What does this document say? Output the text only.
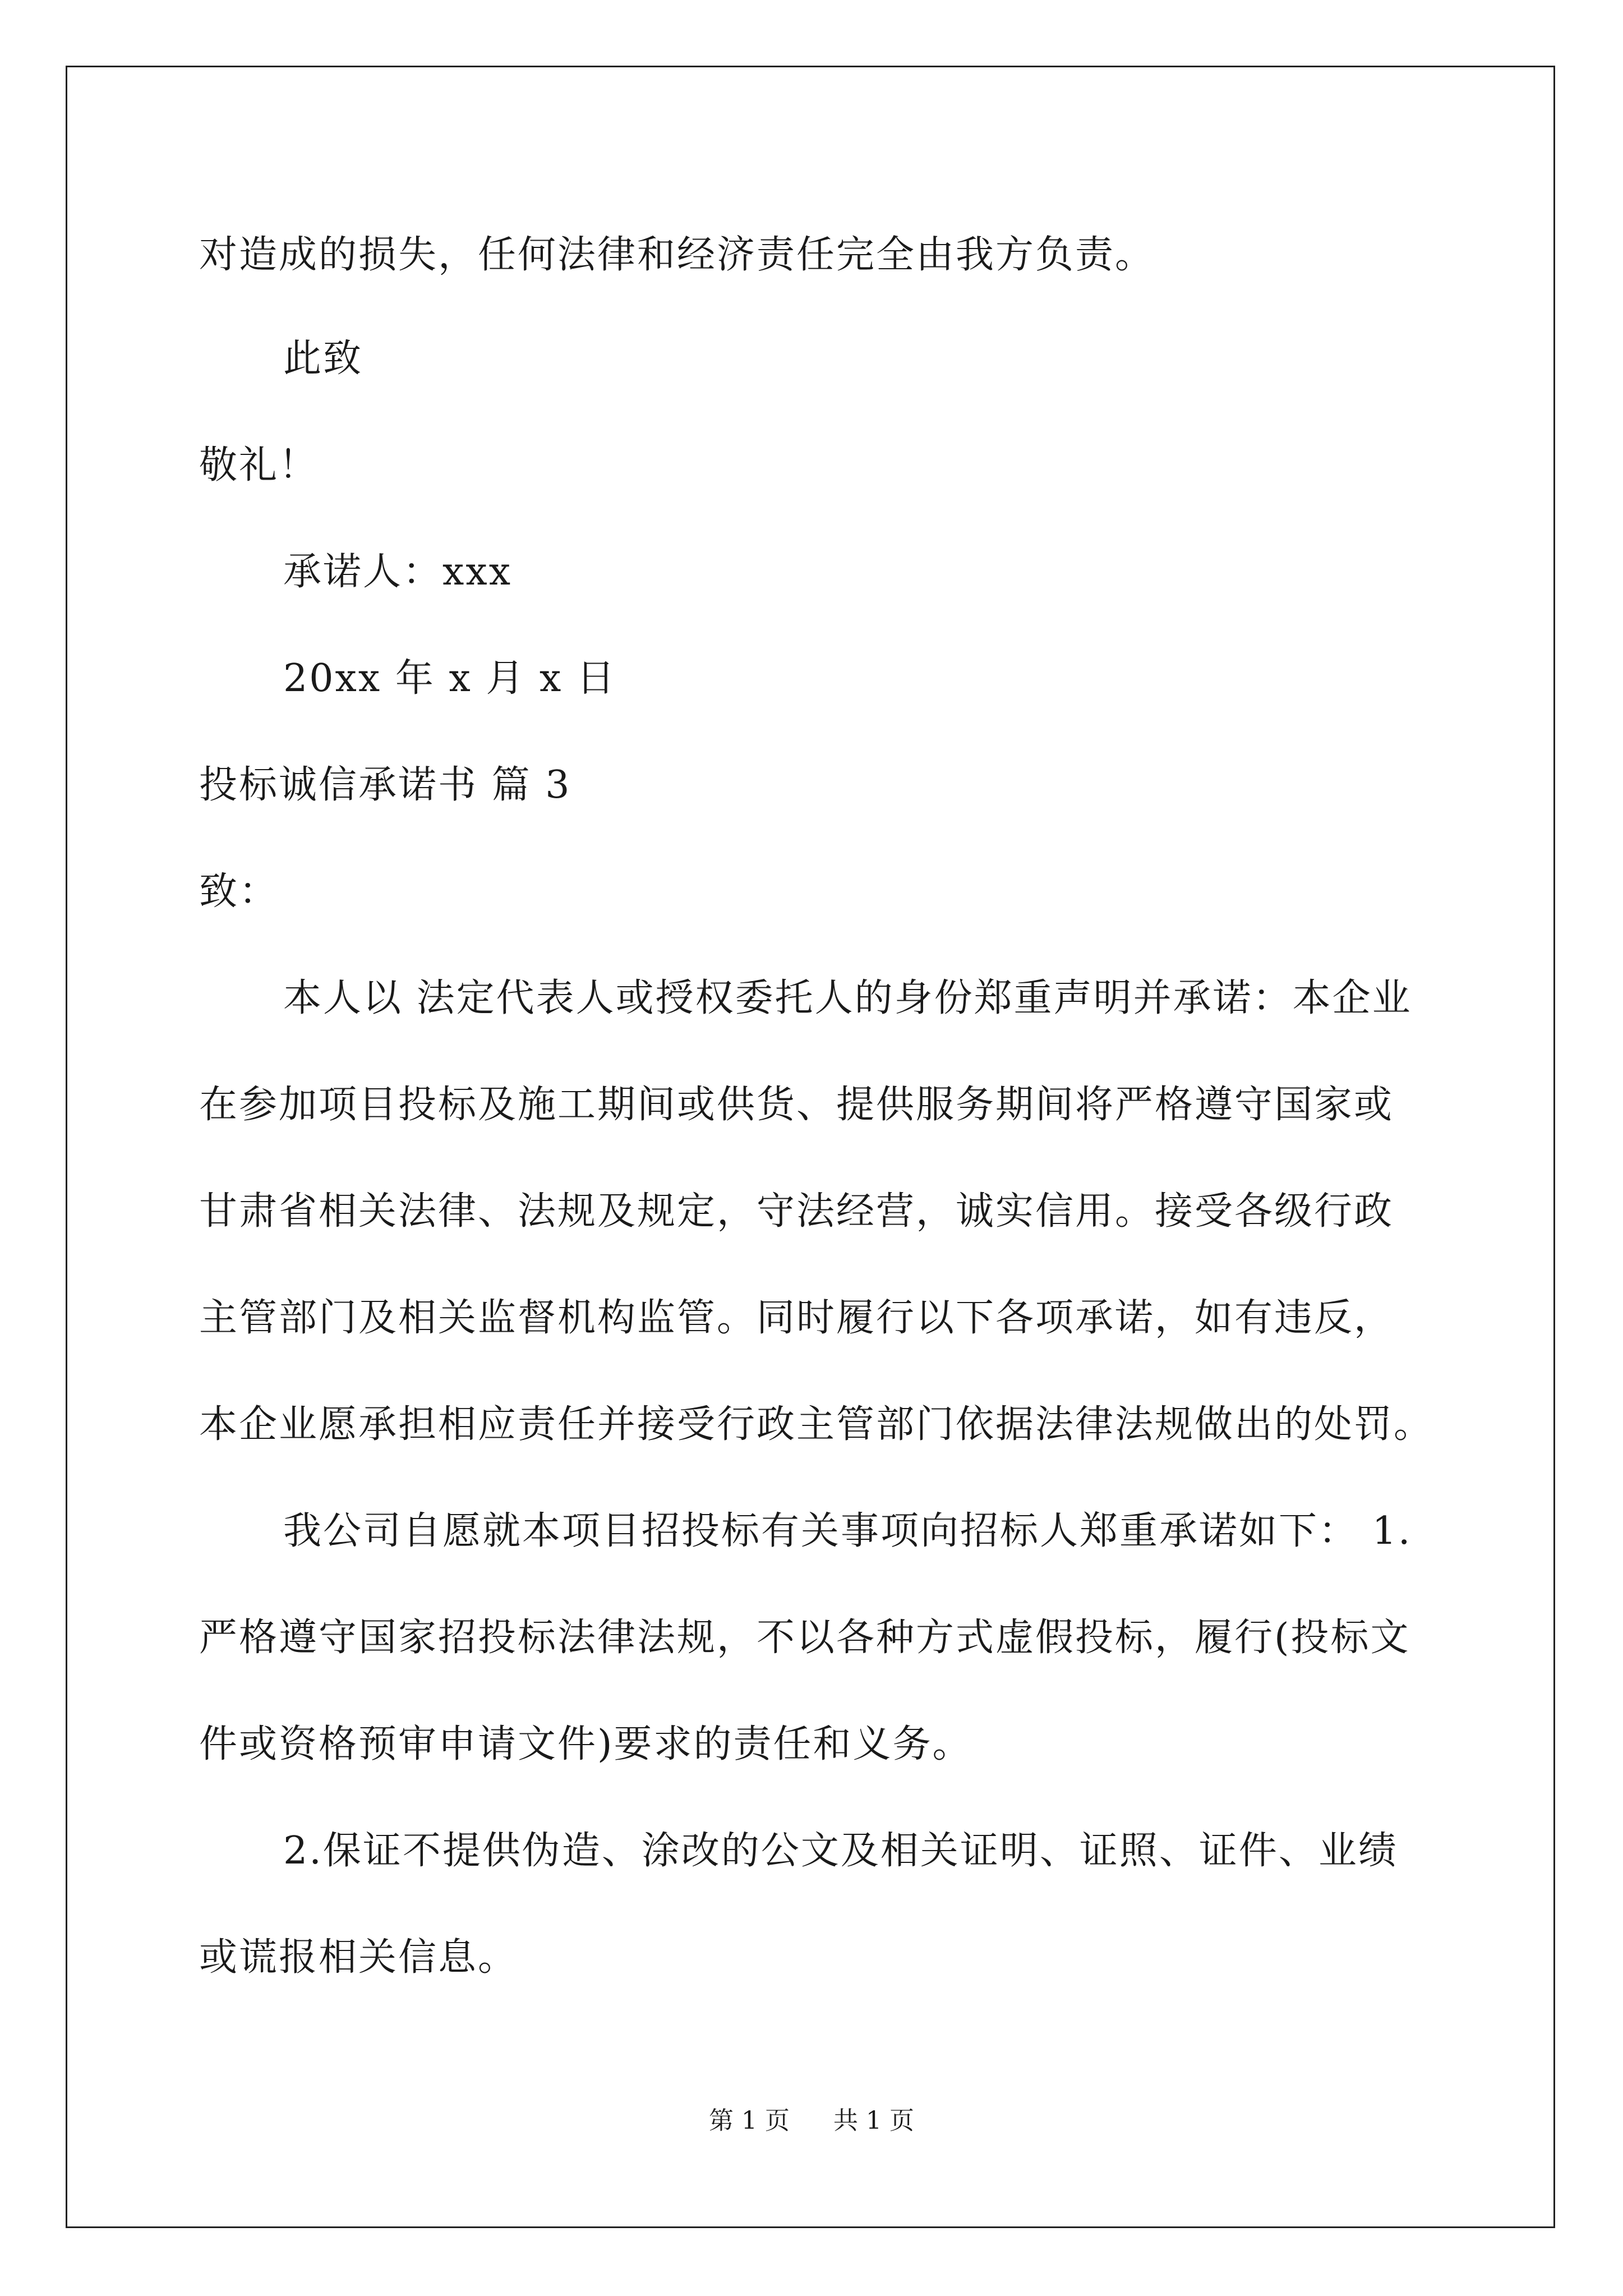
对造成的损失，任何法律和经济责任完全由我方负责。
此致
敬礼！
承诺人：xxx
20xx 年 x 月 x 日
投标诚信承诺书 篇 3
致：
本人以 法定代表人或授权委托人的身份郑重声明并承诺：本企业
在参加项目投标及施工期间或供货、提供服务期间将严格遵守国家或
甘肃省相关法律、法规及规定，守法经营，诚实信用。接受各级行政
主管部门及相关监督机构监管。同时履行以下各项承诺，如有违反，
本企业愿承担相应责任并接受行政主管部门依据法律法规做出的处罚。
我公司自愿就本项目招投标有关事项向招标人郑重承诺如下： 1.
严格遵守国家招投标法律法规，不以各种方式虚假投标，履行(投标文
件或资格预审申请文件)要求的责任和义务。
2.保证不提供伪造、涂改的公文及相关证明、证照、证件、业绩
或谎报相关信息。
第 1 页 共 1 页
